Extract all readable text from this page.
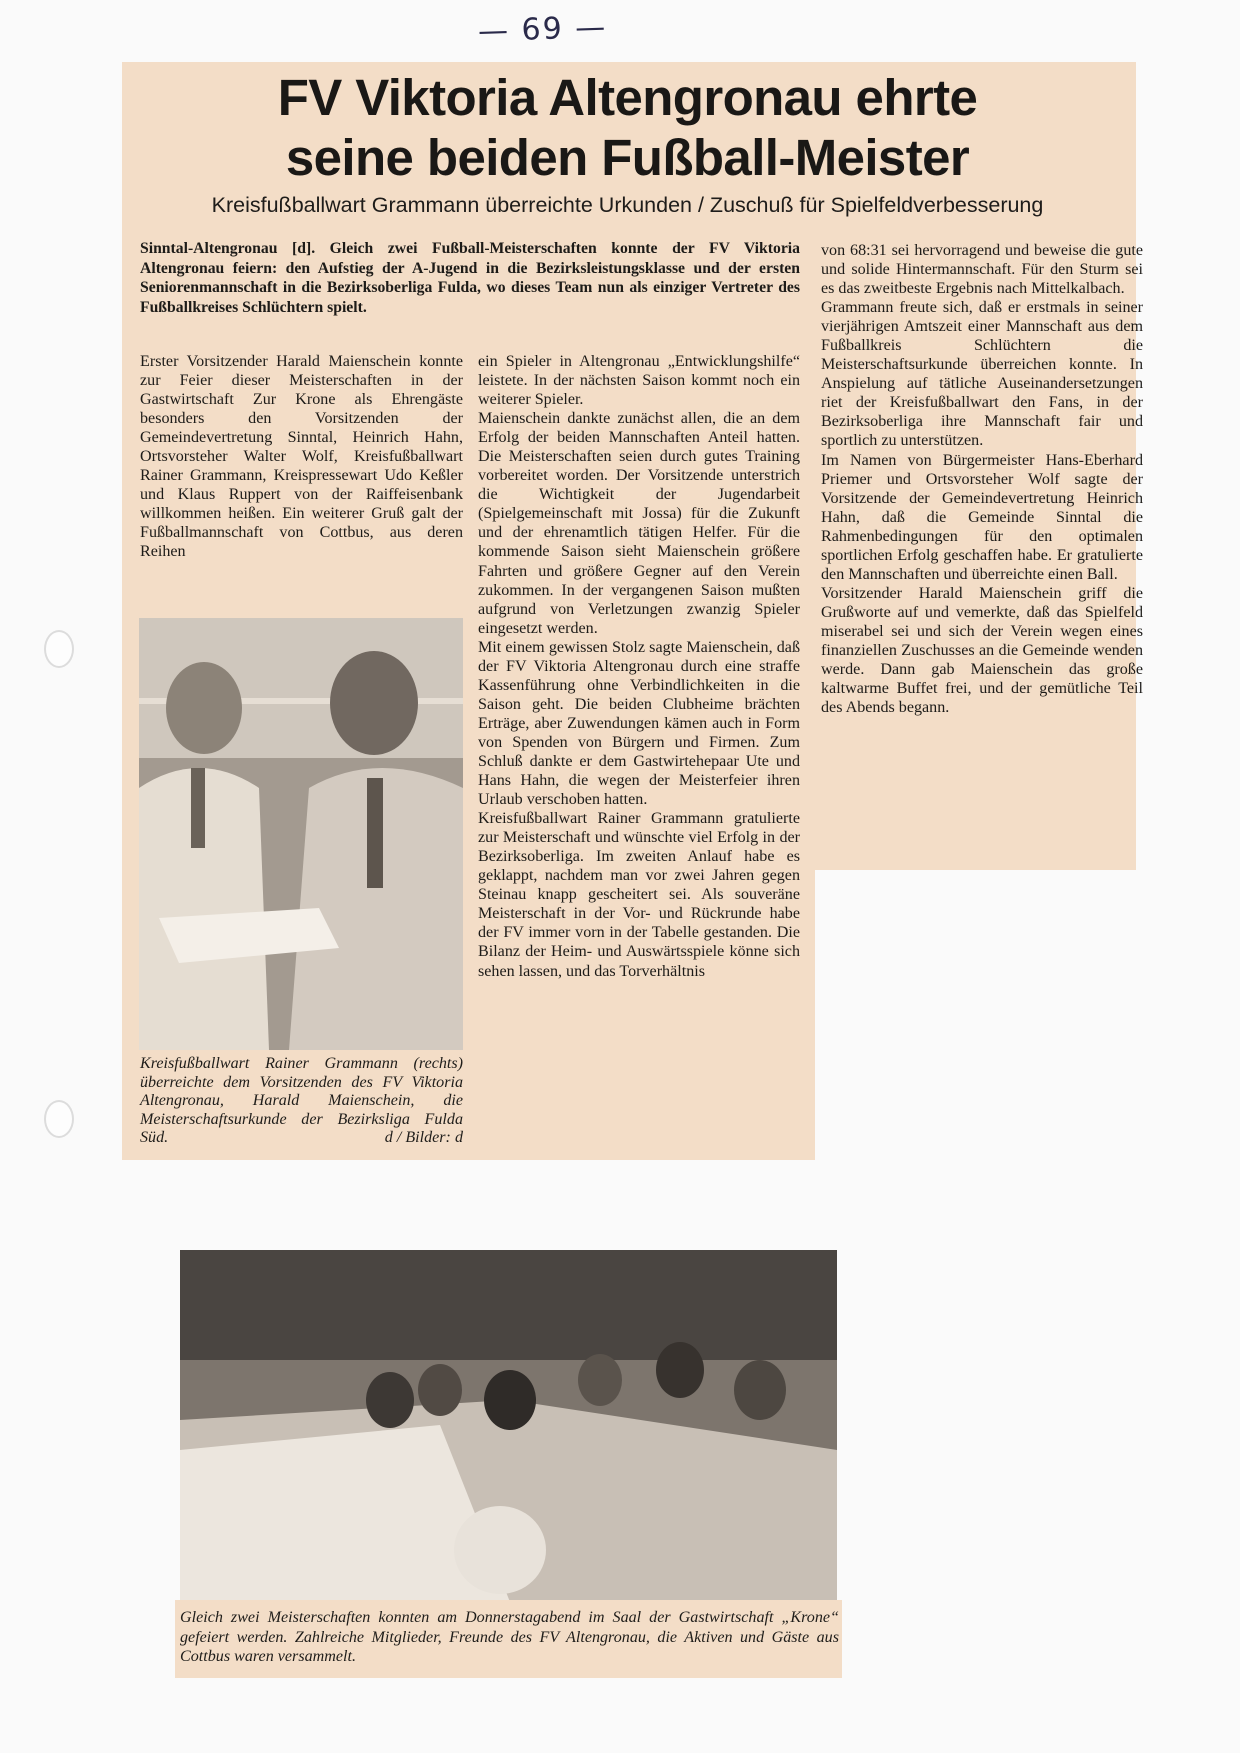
— 69 —
FV Viktoria Altengronau ehrte
seine beiden Fußball-Meister
Kreisfußballwart Grammann überreichte Urkunden / Zuschuß für Spielfeldverbesserung
Sinntal-Altengronau [d]. Gleich zwei Fußball-Meisterschaften konnte der FV Viktoria Altengronau feiern: den Aufstieg der A-Jugend in die Bezirksleistungsklasse und der ersten Seniorenmannschaft in die Bezirksoberliga Fulda, wo dieses Team nun als einziger Vertreter des Fußballkreises Schlüchtern spielt.

Erster Vorsitzender Harald Maienschein konnte zur Feier dieser Meisterschaften in der Gastwirtschaft Zur Krone als Ehrengäste besonders den Vorsitzenden der Gemeindevertretung Sinntal, Heinrich Hahn, Ortsvorsteher Walter Wolf, Kreisfußballwart Rainer Grammann, Kreispressewart Udo Keßler und Klaus Ruppert von der Raiffeisenbank willkommen heißen. Ein weiterer Gruß galt der Fußballmannschaft von Cottbus, aus deren Reihen

Kreisfußballwart Rainer Grammann (rechts) überreichte dem Vorsitzenden des FV Viktoria Altengronau, Harald Maienschein, die Meisterschaftsurkunde der Bezirksliga Fulda Süd.	d / Bilder: d

ein Spieler in Altengronau „Entwicklungshilfe“ leistete. In der nächsten Saison kommt noch ein weiterer Spieler.

Maienschein dankte zunächst allen, die an dem Erfolg der beiden Mannschaften Anteil hatten. Die Meisterschaften seien durch gutes Training vorbereitet worden. Der Vorsitzende unterstrich die Wichtigkeit der Jugendarbeit (Spielgemeinschaft mit Jossa) für die Zukunft und der ehrenamtlich tätigen Helfer. Für die kommende Saison sieht Maienschein größere Fahrten und größere Gegner auf den Verein zukommen. In der vergangenen Saison mußten aufgrund von Verletzungen zwanzig Spieler eingesetzt werden.

Mit einem gewissen Stolz sagte Maienschein, daß der FV Viktoria Altengronau durch eine straffe Kassenführung ohne Verbindlichkeiten in die Saison geht. Die beiden Clubheime brächten Erträge, aber Zuwendungen kämen auch in Form von Spenden von Bürgern und Firmen. Zum Schluß dankte er dem Gastwirtehepaar Ute und Hans Hahn, die wegen der Meisterfeier ihren Urlaub verschoben hatten.

Kreisfußballwart Rainer Grammann gratulierte zur Meisterschaft und wünschte viel Erfolg in der Bezirksoberliga. Im zweiten Anlauf habe es geklappt, nachdem man vor zwei Jahren gegen Steinau knapp gescheitert sei. Als souveräne Meisterschaft in der Vor- und Rückrunde habe der FV immer vorn in der Tabelle gestanden. Die Bilanz der Heim- und Auswärtsspiele könne sich sehen lassen, und das Torverhältnis

von 68:31 sei hervorragend und beweise die gute und solide Hintermannschaft. Für den Sturm sei es das zweitbeste Ergebnis nach Mittelkalbach.

Grammann freute sich, daß er erstmals in seiner vierjährigen Amtszeit einer Mannschaft aus dem Fußballkreis Schlüchtern die Meisterschaftsurkunde überreichen konnte. In Anspielung auf tätliche Auseinandersetzungen riet der Kreisfußballwart den Fans, in der Bezirksoberliga ihre Mannschaft fair und sportlich zu unterstützen.

Im Namen von Bürgermeister Hans-Eberhard Priemer und Ortsvorsteher Wolf sagte der Vorsitzende der Gemeindevertretung Heinrich Hahn, daß die Gemeinde Sinntal die Rahmenbedingungen für den optimalen sportlichen Erfolg geschaffen habe. Er gratulierte den Mannschaften und überreichte einen Ball.

Vorsitzender Harald Maienschein griff die Grußworte auf und vemerkte, daß das Spielfeld miserabel sei und sich der Verein wegen eines finanziellen Zuschusses an die Gemeinde wenden werde. Dann gab Maienschein das große kaltwarme Buffet frei, und der gemütliche Teil des Abends begann.

Gleich zwei Meisterschaften konnten am Donnerstagabend im Saal der Gastwirtschaft „Krone“ gefeiert werden. Zahlreiche Mitglieder, Freunde des FV Altengronau, die Aktiven und Gäste aus Cottbus waren versammelt.
